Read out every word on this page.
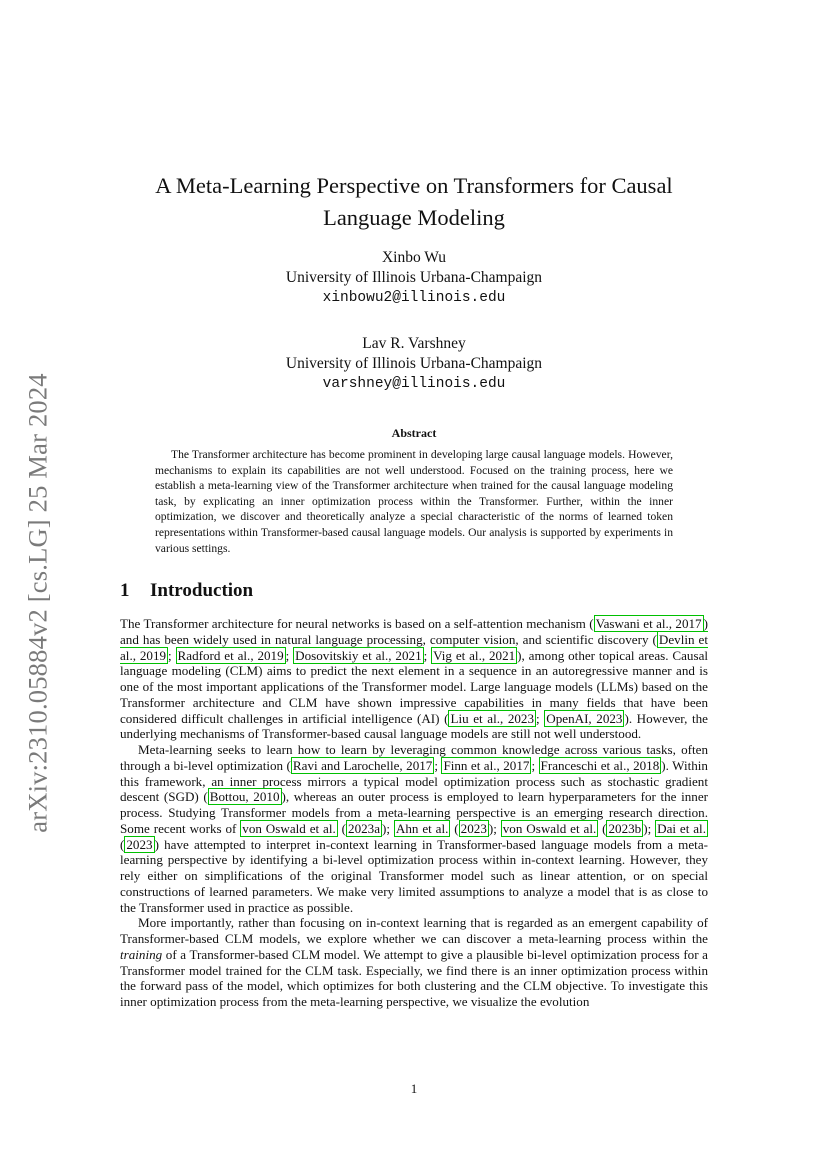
arXiv:2310.05884v2 [cs.LG] 25 Mar 2024
A Meta-Learning Perspective on Transformers for Causal Language Modeling
Xinbo Wu
University of Illinois Urbana-Champaign
xinbowu2@illinois.edu
Lav R. Varshney
University of Illinois Urbana-Champaign
varshney@illinois.edu
Abstract
The Transformer architecture has become prominent in developing large causal language models. However, mechanisms to explain its capabilities are not well understood. Focused on the training process, here we establish a meta-learning view of the Transformer architecture when trained for the causal language modeling task, by explicating an inner optimization process within the Transformer. Further, within the inner optimization, we discover and theoretically analyze a special characteristic of the norms of learned token representations within Transformer-based causal language models. Our analysis is supported by experiments in various settings.
1 Introduction

The Transformer architecture for neural networks is based on a self-attention mechanism ( Vaswani et al., 2017 ) and has been widely used in natural language processing, computer vision, and scientific discovery ( Devlin et al., 2019 ; Radford et al., 2019 ; Dosovitskiy et al., 2021 ; Vig et al., 2021 ), among other topical areas. Causal language modeling (CLM) aims to predict the next element in a sequence in an autoregressive manner and is one of the most important applications of the Transformer model. Large language models (LLMs) based on the Transformer architecture and CLM have shown impressive capabilities in many fields that have been considered difficult challenges in artificial intelligence (AI) ( Liu et al., 2023 ; OpenAI, 2023 ). However, the underlying mechanisms of Transformer-based causal language models are still not well understood.

Meta-learning seeks to learn how to learn by leveraging common knowledge across various tasks, often through a bi-level optimization ( Ravi and Larochelle, 2017 ; Finn et al., 2017 ; Franceschi et al., 2018 ). Within this framework, an inner process mirrors a typical model optimization process such as stochastic gradient descent (SGD) ( Bottou, 2010 ), whereas an outer process is employed to learn hyperparameters for the inner process. Studying Transformer models from a meta-learning perspective is an emerging research direction. Some recent works of von Oswald et al. ( 2023a ); Ahn et al. ( 2023 ); von Oswald et al. ( 2023b ); Dai et al. ( 2023 ) have attempted to interpret in-context learning in Transformer-based language models from a meta-learning perspective by identifying a bi-level optimization process within in-context learning. However, they rely either on simplifications of the original Transformer model such as linear attention, or on special constructions of learned parameters. We make very limited assumptions to analyze a model that is as close to the Transformer used in practice as possible.

More importantly, rather than focusing on in-context learning that is regarded as an emergent capability of Transformer-based CLM models, we explore whether we can discover a meta-learning process within the training of a Transformer-based CLM model. We attempt to give a plausible bi-level optimization process for a Transformer model trained for the CLM task. Especially, we find there is an inner optimization process within the forward pass of the model, which optimizes for both clustering and the CLM objective. To investigate this inner optimization process from the meta-learning perspective, we visualize the evolution

1
